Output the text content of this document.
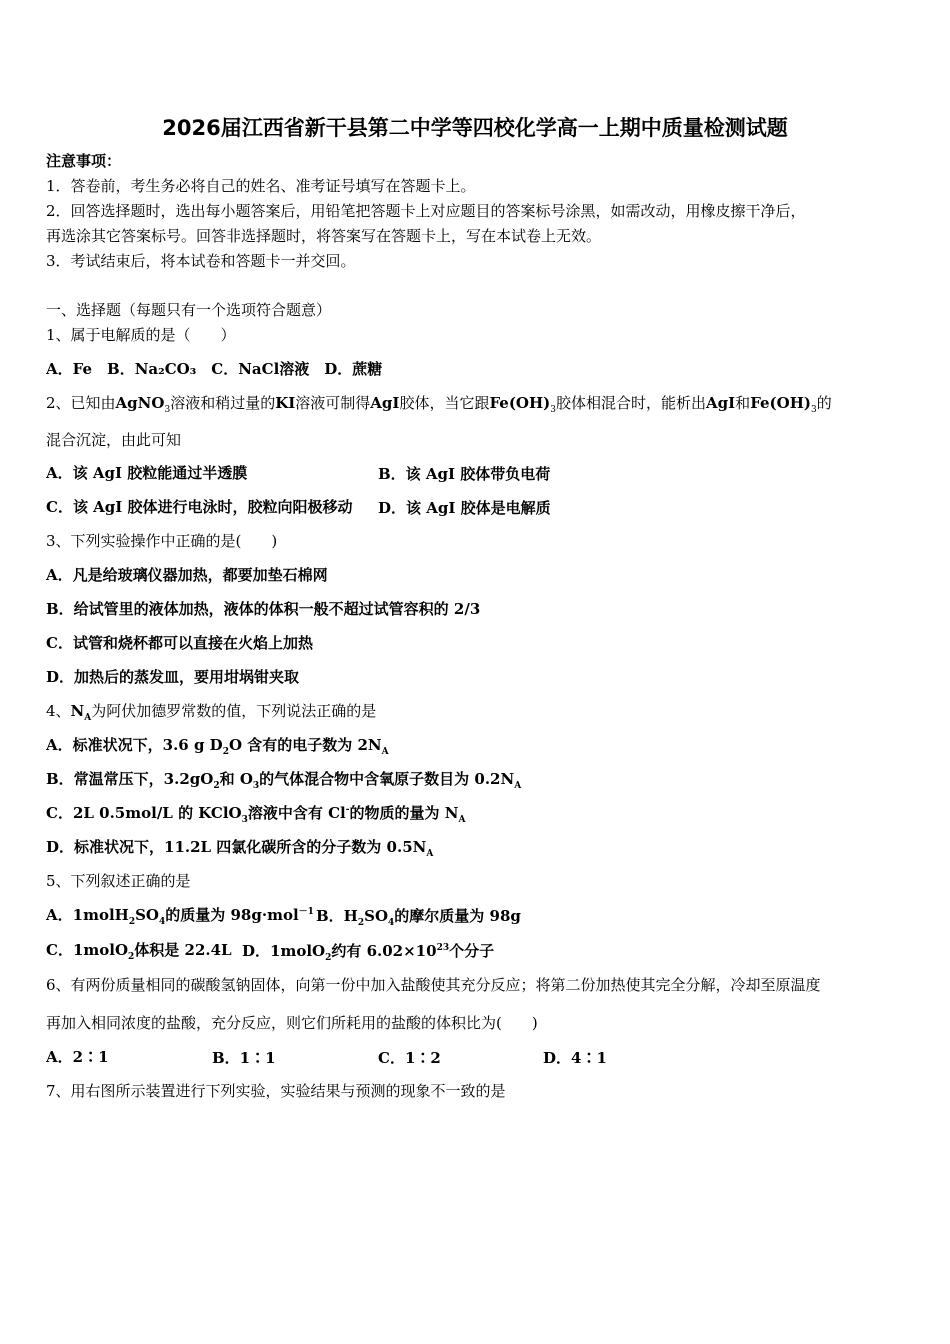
2026届江西省新干县第二中学等四校化学高一上期中质量检测试题
注意事项：
1．答卷前，考生务必将自己的姓名、准考证号填写在答题卡上。
2．回答选择题时，选出每小题答案后，用铅笔把答题卡上对应题目的答案标号涂黑，如需改动，用橡皮擦干净后，
再选涂其它答案标号。回答非选择题时，将答案写在答题卡上，写在本试卷上无效。
3．考试结束后，将本试卷和答题卡一并交回。
一、选择题（每题只有一个选项符合题意）
1、属于电解质的是（　　）
A．Fe　B．Na₂CO₃　C．NaCl溶液　D．蔗糖
2、已知由AgNO$_3$溶液和稍过量的KI溶液可制得AgI胶体，当它跟$Fe(OH)_3$胶体相混合时，能析出AgI和$Fe(OH)_3$的
混合沉淀，由此可知
A．该 AgI 胶粒能通过半透膜	B．该 AgI 胶体带负电荷
C．该 AgI 胶体进行电泳时，胶粒向阳极移动 D．该 AgI 胶体是电解质
3、下列实验操作中正确的是(　　)
A．凡是给玻璃仪器加热，都要加垫石棉网
B．给试管里的液体加热，液体的体积一般不超过试管容积的 2/3
C．试管和烧杯都可以直接在火焰上加热
D．加热后的蒸发皿，要用坩埚钳夹取
4、$N_A$为阿伏加德罗常数的值，下列说法正确的是
A．标准状况下，3.6 g $D_2O$ 含有的电子数为 $2N_A$
B．常温常压下，$3.2gO_2$和 $O_3$的气体混合物中含氧原子数目为 $0.2N_A$
C．2L 0.5mol/L 的 KClO$_3$溶液中含有 Cl-的物质的量为 $N_A$
D．标准状况下，11.2L 四氯化碳所含的分子数为 $0.5N_A$
5、下列叙述正确的是
A．$1molH_2SO_4$的质量为 98g·mol$^{-1}$ B．$H_2SO_4$的摩尔质量为 98g
C．1molO$_2$体积是 22.4L D．1molO$_2$约有 $6.02\times 10^{23}$个分子
6、有两份质量相同的碳酸氢钠固体，向第一份中加入盐酸使其充分反应；将第二份加热使其完全分解，冷却至原温度
再加入相同浓度的盐酸，充分反应，则它们所耗用的盐酸的体积比为(　　)
A．2∶1	B．1∶1	C．1∶2	D．4∶1
7、用右图所示装置进行下列实验，实验结果与预测的现象不一致的是
